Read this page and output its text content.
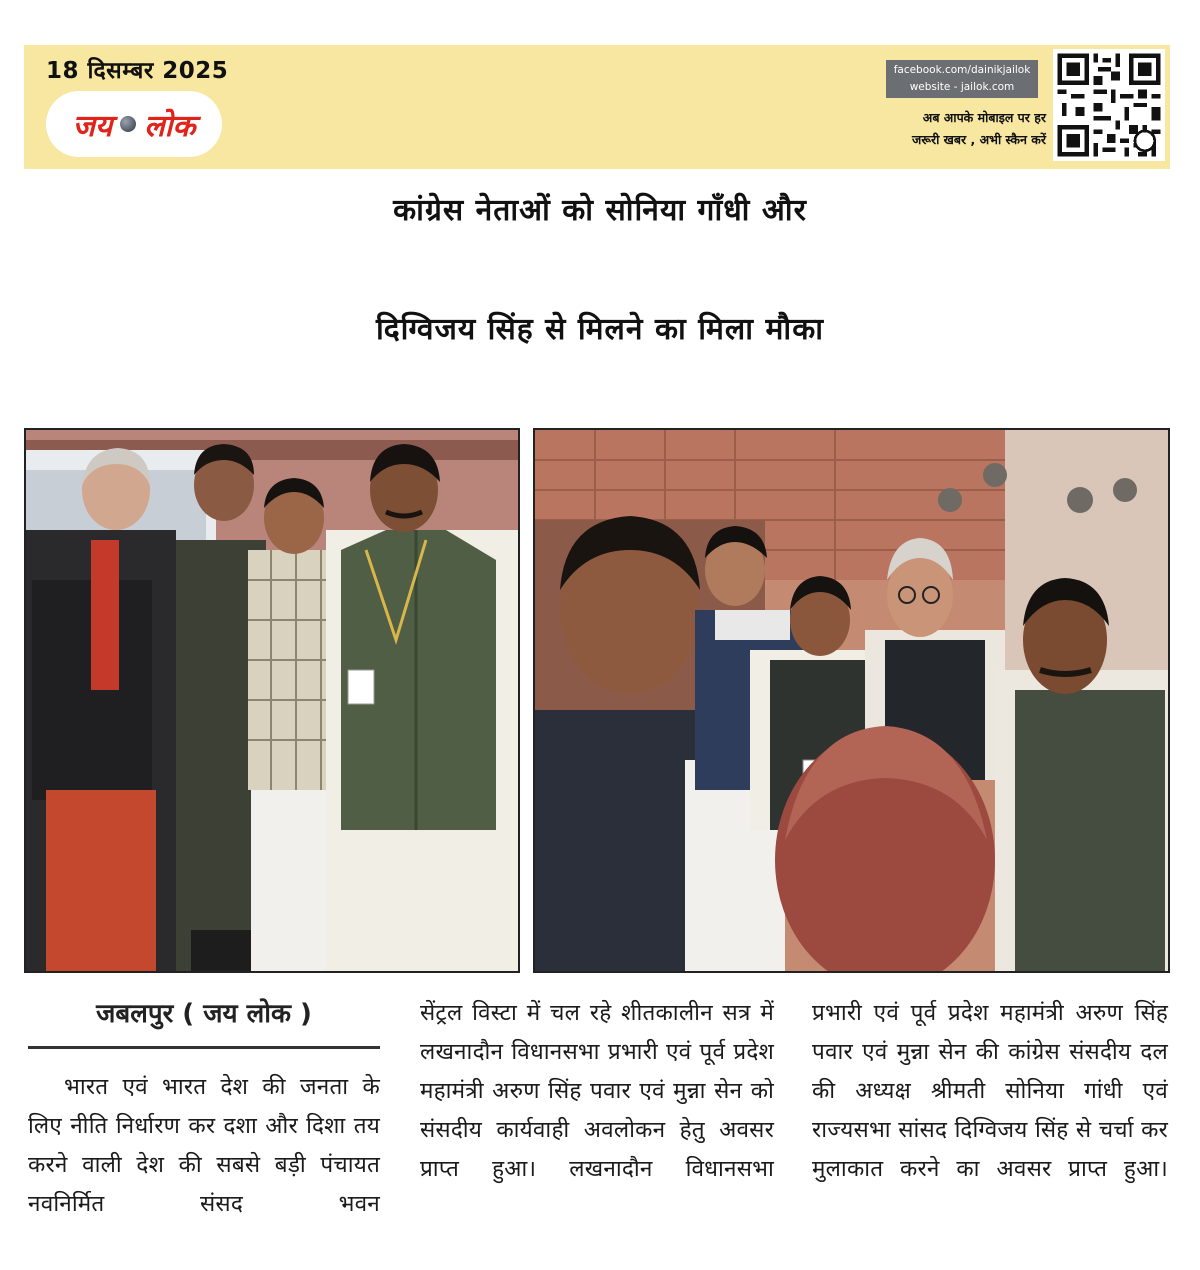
18 दिसम्बर 2025
जय लोक
facebook.com/dainikjailok
website - jailok.com
अब आपके मोबाइल पर हर
जरूरी खबर , अभी स्कैन करें
कांग्रेस नेताओं को सोनिया गाँधी और
दिग्विजय सिंह से मिलने का मिला मौका
जबलपुर ( जय लोक )
भारत एवं भारत देश की जनता के लिए नीति निर्धारण कर दशा और दिशा तय करने वाली देश की सबसे बड़ी पंचायत नवनिर्मित संसद भवन
सेंट्रल विस्टा में चल रहे शीतकालीन सत्र में लखनादौन विधानसभा प्रभारी एवं पूर्व प्रदेश महामंत्री अरुण सिंह पवार एवं मुन्ना सेन को संसदीय कार्यवाही अवलोकन हेतु अवसर प्राप्त हुआ। लखनादौन विधानसभा
प्रभारी एवं पूर्व प्रदेश महामंत्री अरुण सिंह पवार एवं मुन्ना सेन की कांग्रेस संसदीय दल की अध्यक्ष श्रीमती सोनिया गांधी एवं राज्यसभा सांसद दिग्विजय सिंह से चर्चा कर मुलाकात करने का अवसर प्राप्त हुआ।
